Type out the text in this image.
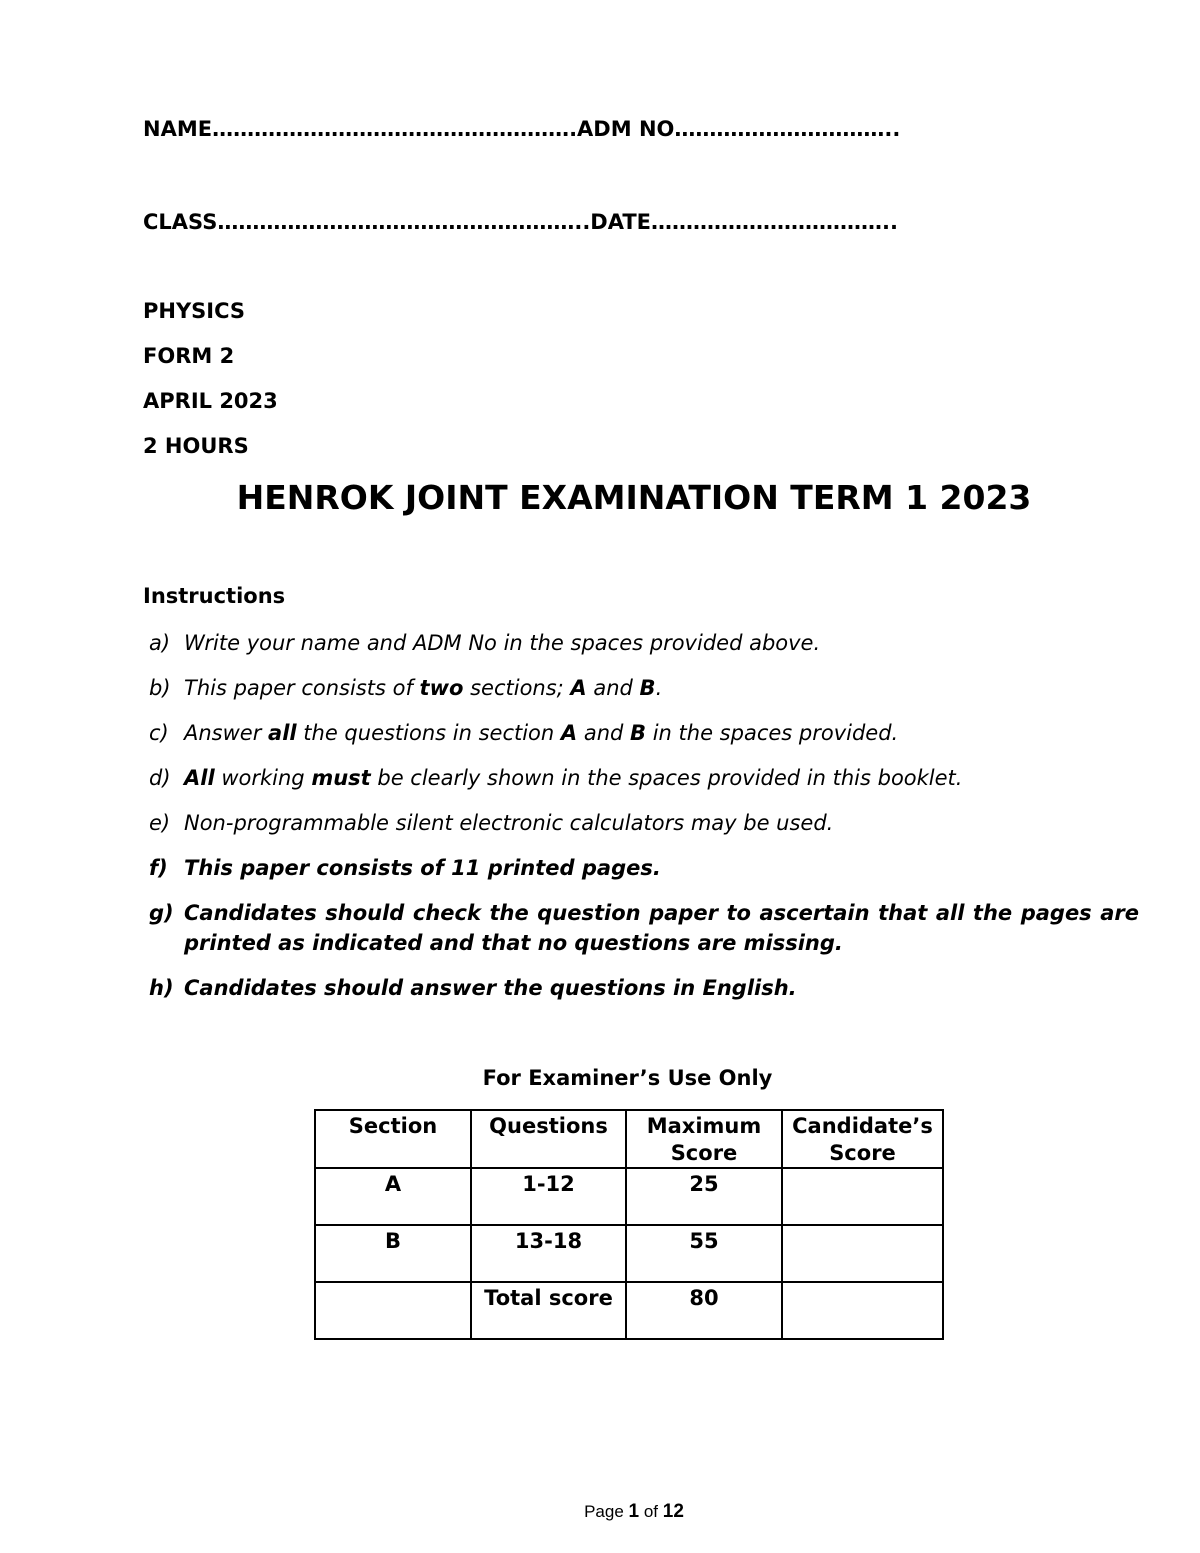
NAME…………………………………………….ADM NO…………………………..
CLASS……………………………………………..DATE……………………………..
PHYSICS
FORM 2
APRIL 2023
2 HOURS
HENROK JOINT EXAMINATION TERM 1 2023
Instructions
a) Write your name and ADM No in the spaces provided above.
b) This paper consists of two sections; A and B.
c) Answer all the questions in section A and B in the spaces provided.
d) All working must be clearly shown in the spaces provided in this booklet.
e) Non-programmable silent electronic calculators may be used.
f) This paper consists of 11 printed pages.
g) Candidates should check the question paper to ascertain that all the pages are printed as indicated and that no questions are missing.
h) Candidates should answer the questions in English.
For Examiner’s Use Only
Section	Questions	Maximum Score	Candidate’s Score
A	1-12	25	
B	13-18	55	
	Total score	80	
Page 1 of 12
